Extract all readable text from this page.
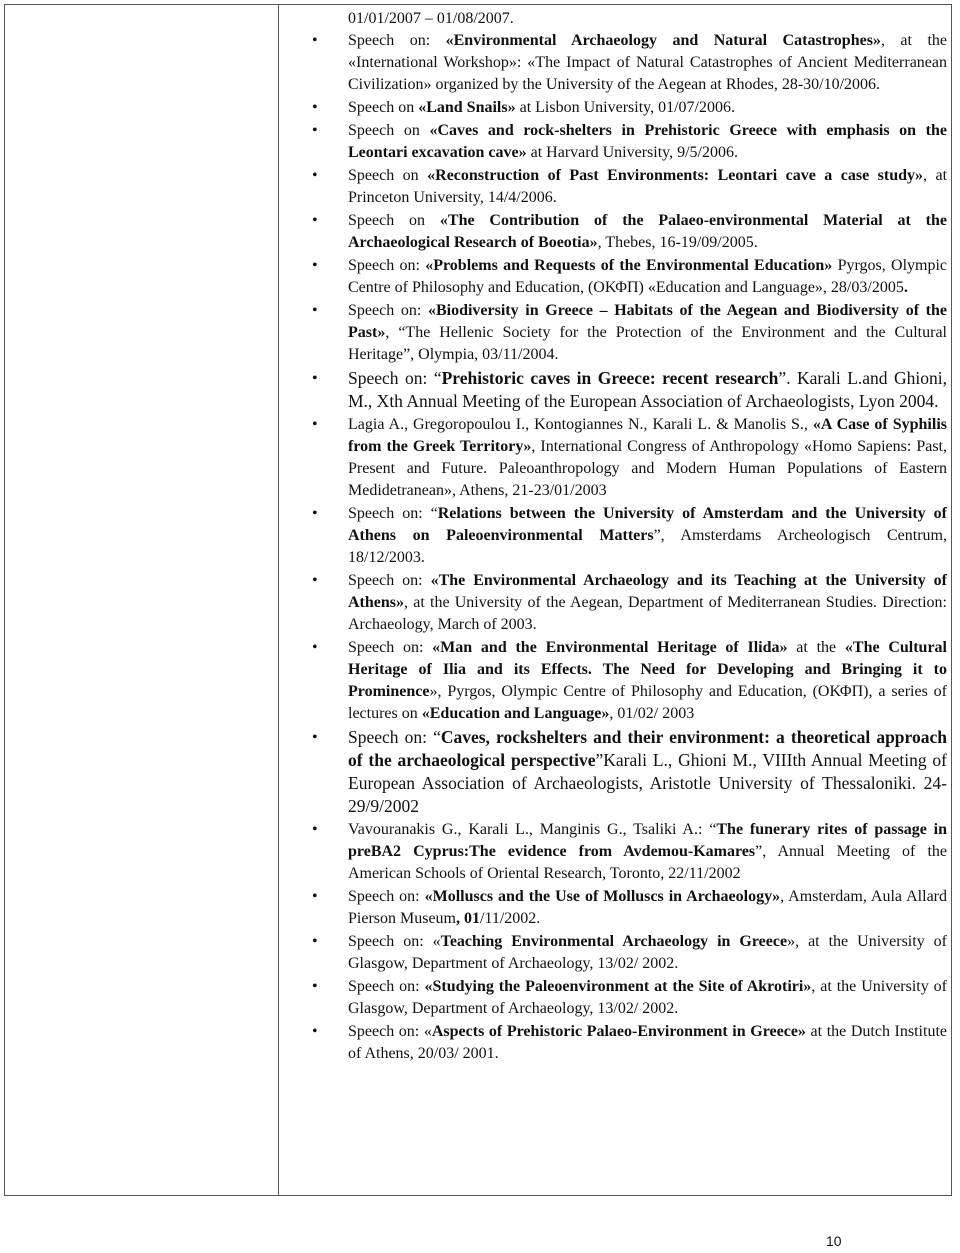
01/01/2007 – 01/08/2007.
• Speech on: «Environmental Archaeology and Natural Catastrophes», at the «International Workshop»: «The Impact of Natural Catastrophes of Ancient Mediterranean Civilization» organized by the University of the Aegean at Rhodes, 28-30/10/2006.
• Speech on «Land Snails» at Lisbon University, 01/07/2006.
• Speech on «Caves and rock-shelters in Prehistoric Greece with emphasis on the Leontari excavation cave» at Harvard University, 9/5/2006.
• Speech on «Reconstruction of Past Environments: Leontari cave a case study», at Princeton University, 14/4/2006.
• Speech on «The Contribution of the Palaeo-environmental Material at the Archaeological Research of Boeotia», Thebes, 16-19/09/2005.
• Speech on: «Problems and Requests of the Environmental Education» Pyrgos, Olympic Centre of Philosophy and Education, (ΟΚΦΠ) «Education and Language», 28/03/2005.
• Speech on: «Biodiversity in Greece – Habitats of the Aegean and Biodiversity of the Past», “The Hellenic Society for the Protection of the Environment and the Cultural Heritage”, Olympia, 03/11/2004.
• Speech on: “Prehistoric caves in Greece: recent research”. Karali L.and Ghioni, M., Xth Annual Meeting of the European Association of Archaeologists, Lyon 2004.
• Lagia A., Gregoropoulou I., Kontogiannes N., Karali L. & Manolis S., «A Case of Syphilis from the Greek Territory», International Congress of Anthropology «Homo Sapiens: Past, Present and Future. Paleoanthropology and Modern Human Populations of Eastern Medidetranean», Athens, 21-23/01/2003
• Speech on: “Relations between the University of Amsterdam and the University of Athens on Paleoenvironmental Matters”, Amsterdams Archeologisch Centrum, 18/12/2003.
• Speech on: «The Environmental Archaeology and its Teaching at the University of Athens», at the University of the Aegean, Department of Mediterranean Studies. Direction: Archaeology, March of 2003.
• Speech on: «Man and the Environmental Heritage of Ilida» at the «The Cultural Heritage of Ilia and its Effects. The Need for Developing and Bringing it to Prominence», Pyrgos, Olympic Centre of Philosophy and Education, (ΟΚΦΠ), a series of lectures on «Education and Language», 01/02/ 2003
• Speech on: “Caves, rockshelters and their environment: a theoretical approach of the archaeological perspective”Karali L., Ghioni M., VIIIth Annual Meeting of European Association of Archaeologists, Aristotle University of Thessaloniki. 24-29/9/2002
• Vavouranakis G., Karali L., Manginis G., Tsaliki A.: “The funerary rites of passage in preBA2 Cyprus:The evidence from Avdemou-Kamares”, Annual Meeting of the American Schools of Oriental Research, Toronto, 22/11/2002
• Speech on: «Molluscs and the Use of Molluscs in Archaeology», Amsterdam, Aula Allard Pierson Museum, 01/11/2002.
• Speech on: «Teaching Environmental Archaeology in Greece», at the University of Glasgow, Department of Archaeology, 13/02/ 2002.
• Speech on: «Studying the Paleoenvironment at the Site of Akrotiri», at the University of Glasgow, Department of Archaeology, 13/02/ 2002.
• Speech on: «Aspects of Prehistoric Palaeo-Environment in Greece» at the Dutch Institute of Athens, 20/03/ 2001.
10
